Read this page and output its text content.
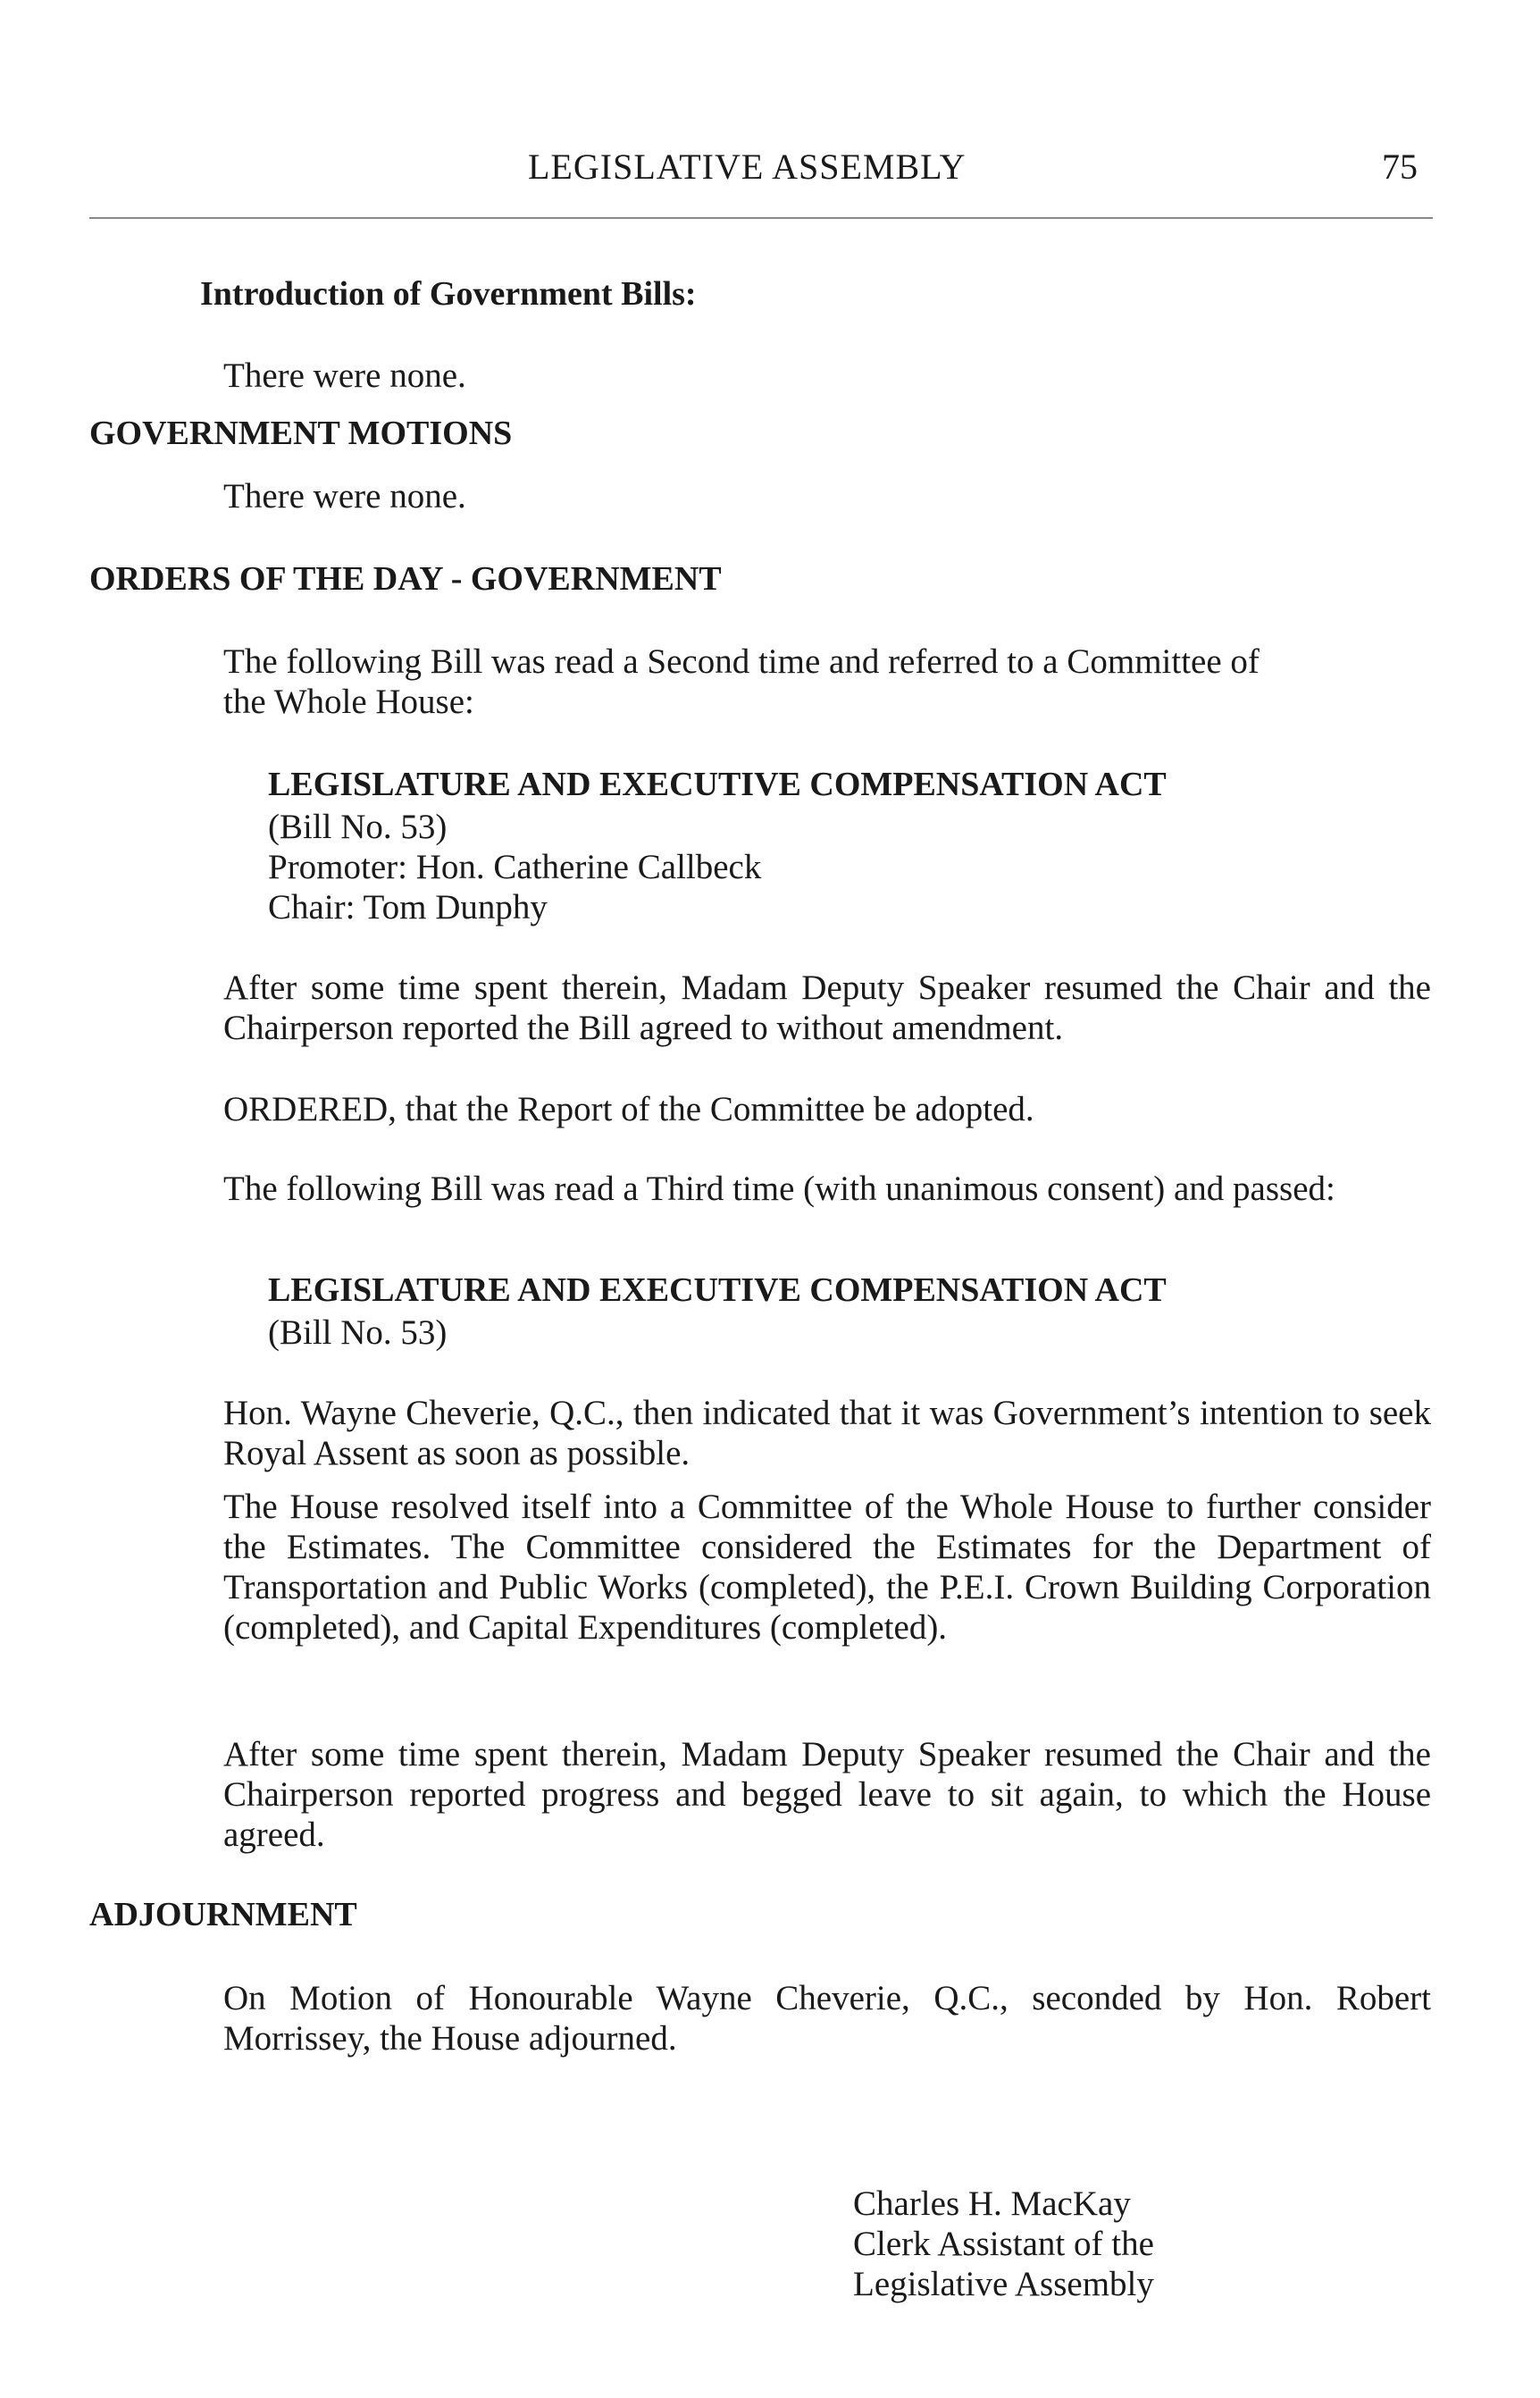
LEGISLATIVE ASSEMBLY	75
Introduction of Government Bills:
There were none.
GOVERNMENT MOTIONS
There were none.
ORDERS OF THE DAY - GOVERNMENT
The following Bill was read a Second time and referred to a Committee of
the Whole House:
LEGISLATURE AND EXECUTIVE COMPENSATION ACT
(Bill No. 53)
Promoter: Hon. Catherine Callbeck
Chair: Tom Dunphy
After some time spent therein, Madam Deputy Speaker resumed the Chair and the Chairperson reported the Bill agreed to without amendment.
ORDERED, that the Report of the Committee be adopted.
The following Bill was read a Third time (with unanimous consent) and passed:
LEGISLATURE AND EXECUTIVE COMPENSATION ACT
(Bill No. 53)
Hon. Wayne Cheverie, Q.C., then indicated that it was Government’s intention to seek Royal Assent as soon as possible.
The House resolved itself into a Committee of the Whole House to further consider the Estimates. The Committee considered the Estimates for the Department of Transportation and Public Works (completed), the P.E.I. Crown Building Corporation (completed), and Capital Expenditures (completed).
After some time spent therein, Madam Deputy Speaker resumed the Chair and the Chairperson reported progress and begged leave to sit again, to which the House agreed.
ADJOURNMENT
On Motion of Honourable Wayne Cheverie, Q.C., seconded by Hon. Robert Morrissey, the House adjourned.
Charles H. MacKay
Clerk Assistant of the
Legislative Assembly
